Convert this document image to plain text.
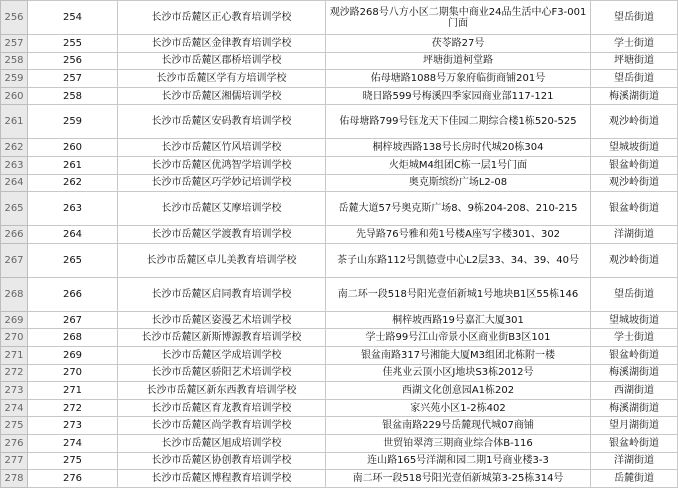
256	254	长沙市岳麓区正心教育培训学校	观沙路268号八方小区二期集中商业24品生活中心F3-001门面	望岳街道
257	255	长沙市岳麓区金律教育培训学校	茯苓路27号	学士街道
258	256	长沙市岳麓区郡桥培训学校	坪塘街道柯堂路	坪塘街道
259	257	长沙市岳麓区学有方培训学校	佑母塘路1088号万象府临街商铺201号	望岳街道
260	258	长沙市岳麓区湘儒培训学校	晓日路599号梅溪四季家园商业部117-121	梅溪湖街道
261	259	长沙市岳麓区安码教育培训学校	佑母塘路799号钰龙天下佳园二期综合楼1栋520-525	观沙岭街道
262	260	长沙市岳麓区竹风培训学校	桐梓坡西路138号长房时代城20栋304	望城坡街道
263	261	长沙市岳麓区优鸿智学培训学校	火炬城M4组团C栋一层1号门面	银盆岭街道
264	262	长沙市岳麓区巧学妙记培训学校	奥克斯缤纷广场L2-08	观沙岭街道
265	263	长沙市岳麓区艾摩培训学校	岳麓大道57号奥克斯广场8、9栋204-208、210-215	银盆岭街道
266	264	长沙市岳麓区学渡教育培训学校	先导路76号雅和苑1号楼A座写字楼301、302	洋湖街道
267	265	长沙市岳麓区卓儿美教育培训学校	茶子山东路112号凯德壹中心L2层33、34、39、40号	观沙岭街道
268	266	长沙市岳麓区启同教育培训学校	南二环一段518号阳光壹佰新城1号地块B1区55栋146	望岳街道
269	267	长沙市岳麓区姿漫艺术培训学校	桐梓坡西路19号嘉汇大厦301	望城坡街道
270	268	长沙市岳麓区新斯博源教育培训学校	学士路99号江山帝景小区商业街B3区101	学士街道
271	269	长沙市岳麓区学成培训学校	银盆南路317号湘能大厦M3组团北栋附一楼	银盆岭街道
272	270	长沙市岳麓区骄阳艺术培训学校	佳兆业云顶小区J地块S3栋2012号	梅溪湖街道
273	271	长沙市岳麓区新东西教育培训学校	西湖文化创意园A1栋202	西湖街道
274	272	长沙市岳麓区育龙教育培训学校	家兴苑小区1-2栋402	梅溪湖街道
275	273	长沙市岳麓区尚学教育培训学校	银盆南路229号岳麓现代城07商铺	望月湖街道
276	274	长沙市岳麓区旭成培训学校	世贸铂翠湾三期商业综合体B-116	银盆岭街道
277	275	长沙市岳麓区协创教育培训学校	连山路165号洋湖和园二期1号商业楼3-3	洋湖街道
278	276	长沙市岳麓区博程教育培训学校	南二环一段518号阳光壹佰新城第3-25栋314号	岳麓街道
